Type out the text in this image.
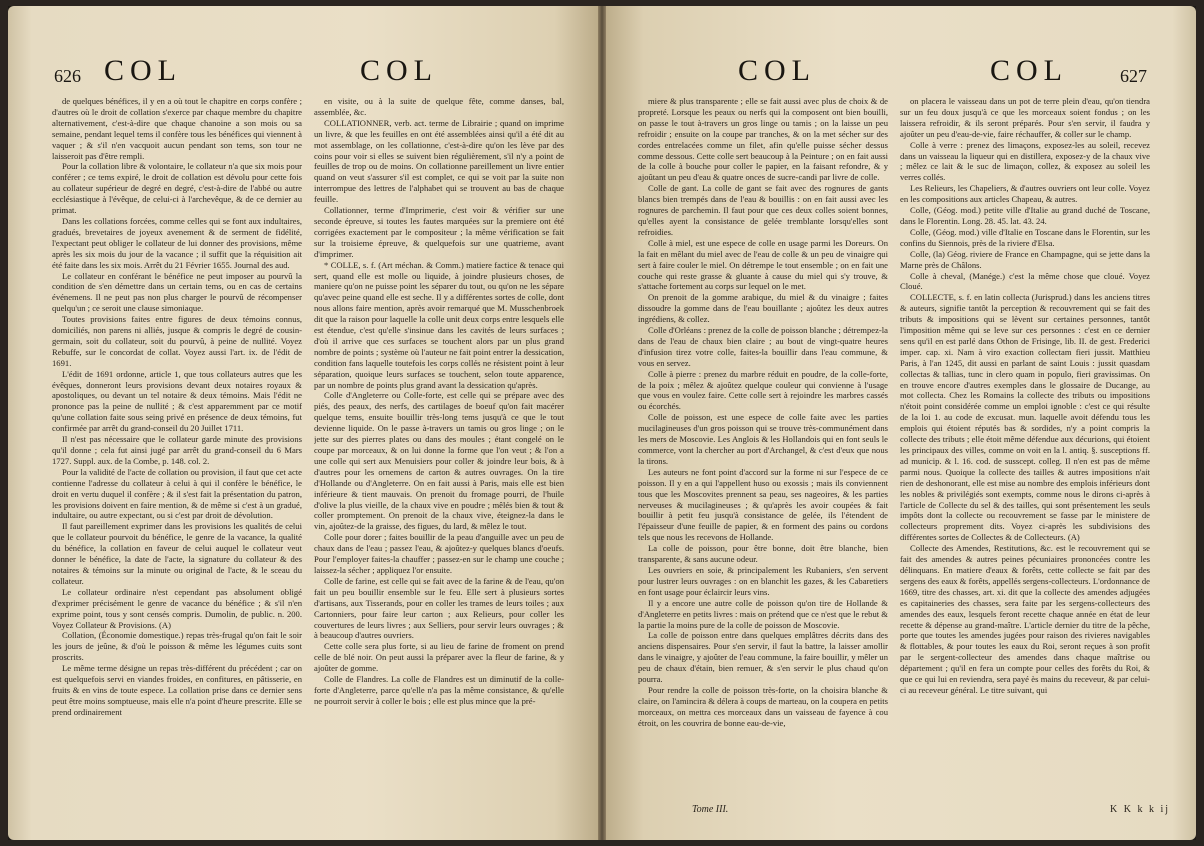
626 COL	COL

de quelques bénéfices, il y en a où tout le chapitre en corps confère ; d'autres où le droit de collation s'exerce par chaque membre du chapitre alternativement, c'est-à-dire que chaque chanoine a son mois ou sa semaine, pendant lequel tems il confère tous les bénéfices qui viennent à vaquer ; & s'il n'en vacquoit aucun pendant son tems, son tour ne laisseroit pas d'être rempli.

Pour la collation libre & volontaire, le collateur n'a que six mois pour conférer ; ce tems expiré, le droit de collation est dévolu pour cette fois au collateur supérieur de degré en degré, c'est-à-dire de l'abbé ou autre ecclésiastique à l'évêque, de celui-ci à l'archevêque, & de ce dernier au primat.

Dans les collations forcées, comme celles qui se font aux indultaires, gradués, brevetaires de joyeux avenement & de serment de fidélité, l'expectant peut obliger le collateur de lui donner des provisions, même après les six mois du jour de la vacance ; il suffit que la réquisition ait été faite dans les six mois. Arrêt du 21 Février 1655. Journal des aud.

Le collateur en conférant le bénéfice ne peut imposer au pourvû la condition de s'en démettre dans un certain tems, ou en cas de certains événemens. Il ne peut pas non plus charger le pourvû de récompenser quelqu'un ; ce seroit une clause simoniaque.

Toutes provisions faites entre figures de deux témoins connus, domiciliés, non parens ni alliés, jusque & compris le degré de cousin-germain, soit du collateur, soit du pourvû, à peine de nullité. Voyez Rebuffe, sur le concordat de collat. Voyez aussi l'art. ix. de l'édit de 1691.

L'édit de 1691 ordonne, article 1, que tous collateurs autres que les évêques, donneront leurs provisions devant deux notaires royaux & apostoliques, ou devant un tel notaire & deux témoins. Mais l'édit ne prononce pas la peine de nullité ; & c'est apparemment par ce motif qu'une collation faite sous seing privé en présence de deux témoins, fut confirmée par arrêt du grand-conseil du 20 Juillet 1711.

Il n'est pas nécessaire que le collateur garde minute des provisions qu'il donne ; cela fut ainsi jugé par arrêt du grand-conseil du 6 Mars 1727. Suppl. aux. de la Combe, p. 148. col. 2.

Pour la validité de l'acte de collation ou provision, il faut que cet acte contienne l'adresse du collateur à celui à qui il confère le bénéfice, le droit en vertu duquel il confère ; & il s'est fait la présentation du patron, les provisions doivent en faire mention, & de même si c'est à un gradué, indultaire, ou autre expectant, ou si c'est par droit de dévolution.

Il faut pareillement exprimer dans les provisions les qualités de celui que le collateur pourvoit du bénéfice, le genre de la vacance, la qualité du bénéfice, la collation en faveur de celui auquel le collateur veut donner le bénéfice, la date de l'acte, la signature du collateur & des notaires & témoins sur la minute ou original de l'acte, & le sceau du collateur.

Le collateur ordinaire n'est cependant pas absolument obligé d'exprimer précisément le genre de vacance du bénéfice ; & s'il n'en exprime point, tous y sont censés compris. Dumolin, de public. n. 200. Voyez Collateur & Provisions. (A)

Collation, (Économie domestique.) repas très-frugal qu'on fait le soir les jours de jeûne, & d'où le poisson & même les légumes cuits sont proscrits.

Le même terme désigne un repas très-différent du précédent ; car on est quelquefois servi en viandes froides, en confitures, en pâtisserie, en fruits & en vins de toute espece. La collation prise dans ce dernier sens peut être moins somptueuse, mais elle n'a point d'heure prescrite. Elle se prend ordinairement

en visite, ou à la suite de quelque fête, comme danses, bal, assemblée, &c.

COLLATIONNER, verb. act. terme de Librairie ; quand on imprime un livre, & que les feuilles en ont été assemblées ainsi qu'il a été dit au mot assemblage, on les collationne, c'est-à-dire qu'on les lève par des coins pour voir si elles se suivent bien régulièrement, s'il n'y a point de feuilles de trop ou de moins. On collationne pareillement un livre entier quand on veut s'assurer s'il est complet, ce qui se voit par la suite non interrompue des lettres de l'alphabet qui se trouvent au bas de chaque feuille.

Collationner, terme d'Imprimerie, c'est voir & vérifier sur une seconde épreuve, si toutes les fautes marquées sur la premiere ont été corrigées exactement par le compositeur ; la même vérification se fait sur la troisieme épreuve, & quelquefois sur une quatrieme, avant d'imprimer.

* COLLE, s. f. (Art méchan. & Comm.) matiere factice & tenace qui sert, quand elle est molle ou liquide, à joindre plusieurs choses, de maniere qu'on ne puisse point les séparer du tout, ou qu'on ne les sépare qu'avec peine quand elle est seche. Il y a différentes sortes de colle, dont nous allons faire mention, après avoir remarqué que M. Musschenbroek dit que la raison pour laquelle la colle unit deux corps entre lesquels elle est étendue, c'est qu'elle s'insinue dans les cavités de leurs surfaces ; d'où il arrive que ces surfaces se touchent alors par un plus grand nombre de points ; système où l'auteur ne fait point entrer la dessication, condition fans laquelle toutefois les corps collés ne résistent point à leur séparation, quoique leurs surfaces se touchent, selon toute apparence, par un nombre de points plus grand avant la dessication qu'après.

Colle d'Angleterre ou Colle-forte, est celle qui se prépare avec des piés, des peaux, des nerfs, des cartilages de boeuf qu'on fait macérer quelque tems, ensuite bouillir très-long tems jusqu'à ce que le tout devienne liquide. On le passe à-travers un tamis ou gros linge ; on le jette sur des pierres plates ou dans des moules ; étant congelé on le coupe par morceaux, & on lui donne la forme que l'on veut ; & l'on a une colle qui sert aux Menuisiers pour coller & joindre leur bois, & à d'autres pour les ornemens de carton & autres ouvrages. On la tire d'Hollande ou d'Angleterre. On en fait aussi à Paris, mais elle est bien inférieure & tient mauvais. On prenoit du fromage pourri, de l'huile d'olive la plus vieille, de la chaux vive en poudre ; mêlés bien & tout & coller promptement. On prenoit de la chaux vive, éteignez-la dans le vin, ajoûtez-de la graisse, des figues, du lard, & mêlez le tout.

Colle pour dorer ; faites bouillir de la peau d'anguille avec un peu de chaux dans de l'eau ; passez l'eau, & ajoûtez-y quelques blancs d'oeufs. Pour l'employer faites-la chauffer ; passez-en sur le champ une couche ; laissez-la sécher ; appliquez l'or ensuite.

Colle de farine, est celle qui se fait avec de la farine & de l'eau, qu'on fait un peu bouillir ensemble sur le feu. Elle sert à plusieurs sortes d'artisans, aux Tisserands, pour en coller les trames de leurs toiles ; aux Cartonniers, pour faire leur carton ; aux Relieurs, pour coller les couvertures de leurs livres ; aux Selliers, pour servir leurs ouvrages ; & à beaucoup d'autres ouvriers.

Cette colle sera plus forte, si au lieu de farine de froment on prend celle de blé noir. On peut aussi la préparer avec la fleur de farine, & y ajoûter de gomme.

Colle de Flandres. La colle de Flandres est un diminutif de la colle-forte d'Angleterre, parce qu'elle n'a pas la même consistance, & qu'elle ne pourroit servir à coller le bois ; elle est plus mince que la pré-

COL	COL	627

miere & plus transparente ; elle se fait aussi avec plus de choix & de propreté. Lorsque les peaux ou nerfs qui la composent ont bien bouilli, on passe le tout à-travers un gros linge ou tamis ; on la laisse un peu refroidir ; ensuite on la coupe par tranches, & on la met sécher sur des cordes entrelacées comme un filet, afin qu'elle puisse sécher dessus comme dessous. Cette colle sert beaucoup à la Peinture ; on en fait aussi de la colle à bouche pour coller le papier, en la faisant refondre, & y ajoûtant un peu d'eau & quatre onces de sucre-candi par livre de colle.

Colle de gant. La colle de gant se fait avec des rognures de gants blancs bien trempés dans de l'eau & bouillis : on en fait aussi avec les rognures de parchemin. Il faut pour que ces deux colles soient bonnes, qu'elles ayent la consistance de gelée tremblante lorsqu'elles sont refroidies.

Colle à miel, est une espece de colle en usage parmi les Doreurs. On la fait en mêlant du miel avec de l'eau de colle & un peu de vinaigre qui sert à faire couler le miel. On détrempe le tout ensemble ; on en fait une couche qui reste grasse & gluante à cause du miel qui s'y trouve, & s'attache fortement au corps sur lequel on le met.

On prenoit de la gomme arabique, du miel & du vinaigre ; faites dissoudre la gomme dans de l'eau bouillante ; ajoûtez les deux autres ingrédiens, & collez.

Colle d'Orléans : prenez de la colle de poisson blanche ; détrempez-la dans de l'eau de chaux bien claire ; au bout de vingt-quatre heures d'infusion tirez votre colle, faites-la bouillir dans l'eau commune, & vous en servez.

Colle à pierre : prenez du marbre réduit en poudre, de la colle-forte, de la poix ; mêlez & ajoûtez quelque couleur qui convienne à l'usage que vous en voulez faire. Cette colle sert à rejoindre les marbres cassés ou écorchés.

Colle de poisson, est une espece de colle faite avec les parties mucilagineuses d'un gros poisson qui se trouve très-communément dans les mers de Moscovie. Les Anglois & les Hollandois qui en font seuls le commerce, vont la chercher au port d'Archangel, & c'est d'eux que nous la tirons.

Les auteurs ne font point d'accord sur la forme ni sur l'espece de ce poisson. Il y en a qui l'appellent huso ou exossis ; mais ils conviennent tous que les Moscovites prennent sa peau, ses nageoires, & les parties nerveuses & mucilagineuses ; & qu'après les avoir coupées & fait bouillir à petit feu jusqu'à consistance de gelée, ils l'étendent de l'épaisseur d'une feuille de papier, & en forment des pains ou cordons tels que nous les recevons de Hollande.

La colle de poisson, pour être bonne, doit être blanche, bien transparente, & sans aucune odeur.

Les ouvriers en soie, & principalement les Rubaniers, s'en servent pour lustrer leurs ouvrages : on en blanchit les gazes, & les Cabaretiers en font usage pour éclaircir leurs vins.

Il y a encore une autre colle de poisson qu'on tire de Hollande & d'Angleterre en petits livres : mais on prétend que ce n'est que le rebut & la partie la moins pure de la colle de poisson de Moscovie.

La colle de poisson entre dans quelques emplâtres décrits dans des anciens dispensaires. Pour s'en servir, il faut la battre, la laisser amollir dans le vinaigre, y ajoûter de l'eau commune, la faire bouillir, y mêler un peu de chaux d'étain, bien remuer, & s'en servir le plus chaud qu'on pourra.

Pour rendre la colle de poisson très-forte, on la choisira blanche & claire, on l'amincira & délera à coups de marteau, on la coupera en petits morceaux, on mettra ces morceaux dans un vaisseau de fayence à cou étroit, on les couvrira de bonne eau-de-vie,

on placera le vaisseau dans un pot de terre plein d'eau, qu'on tiendra sur un feu doux jusqu'à ce que les morceaux soient fondus ; on les laissera refroidir, & ils seront préparés. Pour s'en servir, il faudra y ajoûter un peu d'eau-de-vie, faire réchauffer, & coller sur le champ.

Colle à verre : prenez des limaçons, exposez-les au soleil, recevez dans un vaisseau la liqueur qui en distillera, exposez-y de la chaux vive ; mêlez ce lait & le suc de limaçon, collez, & exposez au soleil les verres collés.

Les Relieurs, les Chapeliers, & d'autres ouvriers ont leur colle. Voyez en les compositions aux articles Chapeau, & autres.

Colle, (Géog. mod.) petite ville d'Italie au grand duché de Toscane, dans le Florentin. Long. 28. 45. lat. 43. 24.

Colle, (Géog. mod.) ville d'Italie en Toscane dans le Florentin, sur les confins du Siennois, près de la riviere d'Elsa.

Colle, (la) Géog. riviere de France en Champagne, qui se jette dans la Marne près de Châlons.

Colle à cheval, (Manége.) c'est la même chose que cloué. Voyez Cloué.

COLLECTE, s. f. en latin collecta (Jurisprud.) dans les anciens titres & auteurs, signifie tantôt la perception & recouvrement qui se fait des tributs & impositions qui se lèvent sur certaines personnes, tantôt l'imposition même qui se leve sur ces personnes : c'est en ce dernier sens qu'il en est parlé dans Othon de Frisinge, lib. II. de gest. Frederici imper. cap. xi. Nam à viro exaction collectam fieri jussit. Matthieu Paris, à l'an 1245, dit aussi en parlant de saint Louis : jussit quasdam collectas & tallias, tunc in clero quam in populo, fieri gravissimas. On en trouve encore d'autres exemples dans le glossaire de Ducange, au mot collecta. Chez les Romains la collecte des tributs ou impositions n'étoit point considérée comme un emploi ignoble : c'est ce qui résulte de la loi 1. au code de excusat. mun. laquelle avoit défendu tous les emplois qui étoient réputés bas & sordides, n'y a point compris la collecte des tributs ; elle étoit même défendue aux décurions, qui étoient les principaux des villes, comme on voit en la l. antiq. §. susceptions ff. ad municip. & l. 16. cod. de susscept. colleg. Il n'en est pas de même parmi nous. Quoique la collecte des tailles & autres impositions n'ait rien de deshonorant, elle est mise au nombre des emplois inférieurs dont les nobles & privilégiés sont exempts, comme nous le dirons ci-après à l'article de Collecte du sel & des tailles, qui sont présentement les seuls impôts dont la collecte ou recouvrement se fasse par le ministere de collecteurs proprement dits. Voyez ci-après les subdivisions des différentes sortes de Collectes & de Collecteurs. (A)

Collecte des Amendes, Restitutions, &c. est le recouvrement qui se fait des amendes & autres peines pécuniaires prononcées contre les délinquans. En matiere d'eaux & forêts, cette collecte se fait par des sergens des eaux & forêts, appellés sergens-collecteurs. L'ordonnance de 1669, titre des chasses, art. xi. dit que la collecte des amendes adjugées es capitaineries des chasses, sera faite par les sergens-collecteurs des amendes des eaux, lesquels feront recette chaque année en état de leur recette & dépense au grand-maître. L'article dernier du titre de la pêche, porte que toutes les amendes jugées pour raison des rivieres navigables & flottables, & pour toutes les eaux du Roi, seront reçues à son profit par le sergent-collecteur des amendes dans chaque maîtrise ou département ; qu'il en fera un compte pour celles des forêts du Roi, & que ce qui lui en reviendra, sera payé ès mains du receveur, & par celui-ci au receveur général. Le titre suivant, qui

Tome III.	K K k k ij
